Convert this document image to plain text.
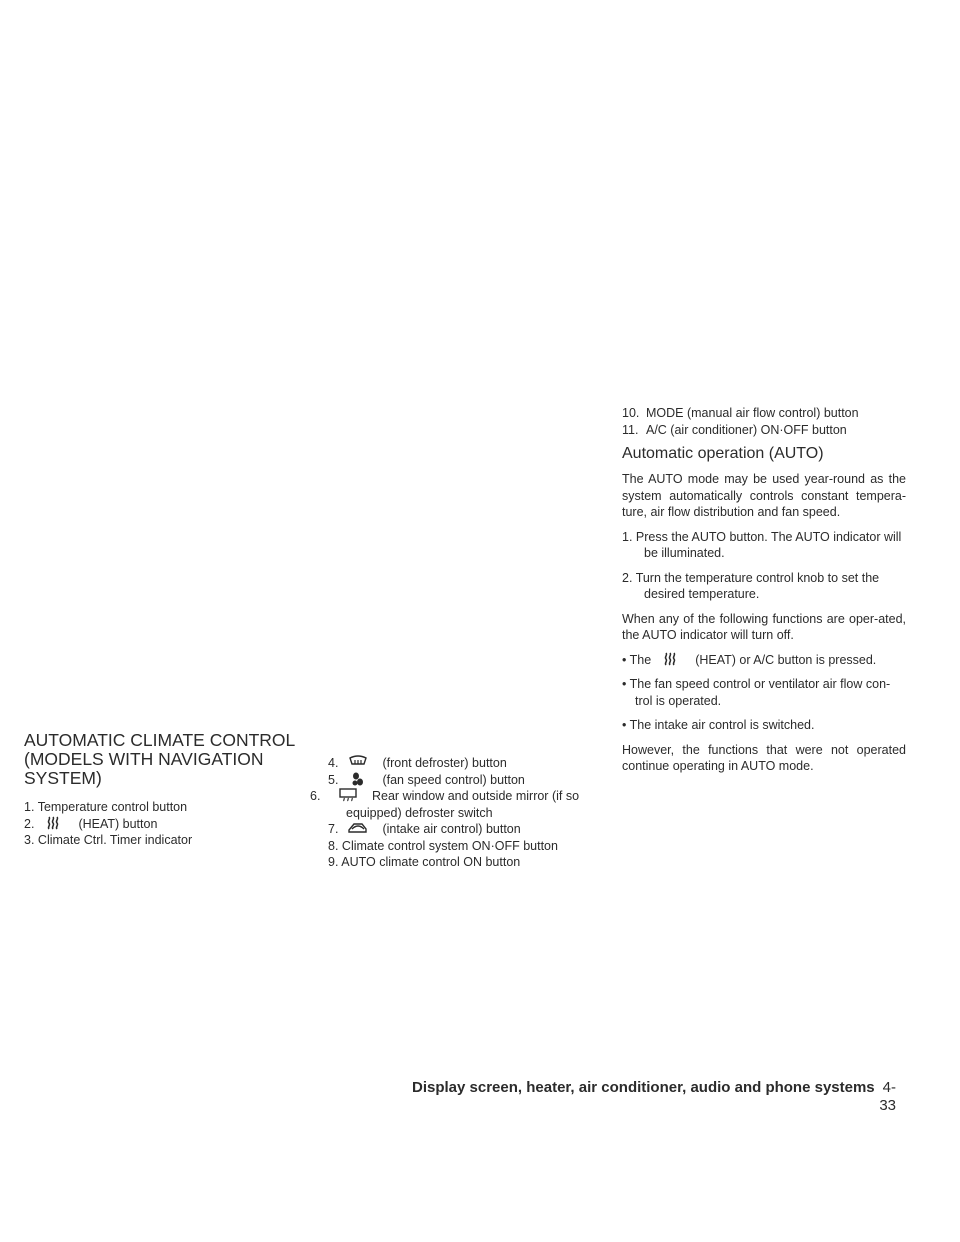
AUTOMATIC CLIMATE CONTROL (MODELS WITH NAVIGATION SYSTEM)
1. Temperature control button
2.	(HEAT) button
3. Climate Ctrl. Timer indicator
4.	(front defroster) button
5.	(fan speed control) button
6.	Rear window and outside mirror (if so equipped) defroster switch
7.	(intake air control) button
8. Climate control system ON·OFF button
9. AUTO climate control ON button
10. MODE (manual air flow control) button
11. A/C (air conditioner) ON·OFF button
Automatic operation (AUTO)

The AUTO mode may be used year-round as the system automatically controls constant tempera-ture, air flow distribution and fan speed.

1. Press the AUTO button. The AUTO indicator will be illuminated.

2. Turn the temperature control knob to set the desired temperature.

When any of the following functions are oper-ated, the AUTO indicator will turn off.

• The	(HEAT) or A/C button is pressed.

• The fan speed control or ventilator air flow con-trol is operated.

• The intake air control is switched.

However, the functions that were not operated continue operating in AUTO mode.

Display screen, heater, air conditioner, audio and phone systems 4-33
